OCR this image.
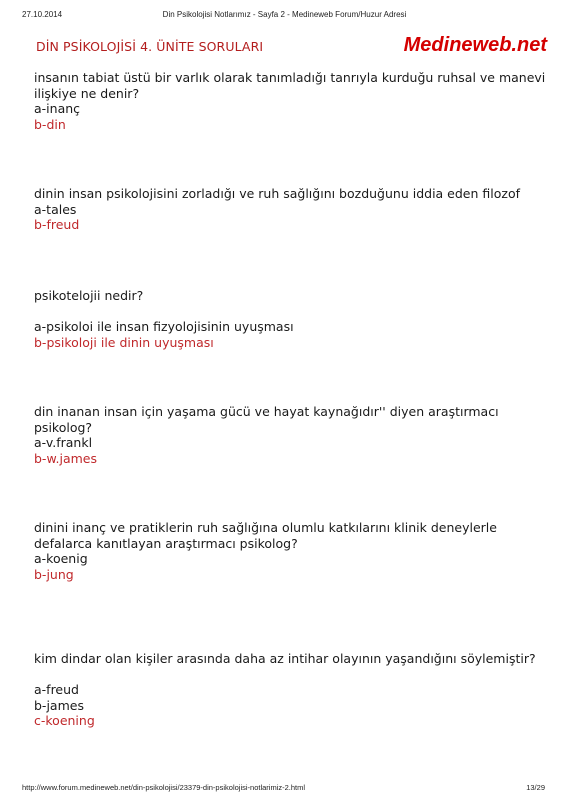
27.10.2014	Din Psikolojisi Notlarımız - Sayfa 2 - Medineweb Forum/Huzur Adresi
DİN PSİKOLOJİSİ 4. ÜNİTE SORULARI	Medineweb.net

insanın tabiat üstü bir varlık olarak tanımladığı tanrıyla kurduğu ruhsal ve manevi ilişkiye ne denir?

a-inanç
b-din

dinin insan psikolojisini zorladığı ve ruh sağlığını bozduğunu iddia eden filozof

a-tales
b-freud

psikotelojii nedir?

a-psikoloi ile insan fizyolojisinin uyuşması
b-psikoloji ile dinin uyuşması

din inanan insan için yaşama gücü ve hayat kaynağıdır'' diyen araştırmacı psikolog?

a-v.frankl
b-w.james

dinini inanç ve pratiklerin ruh sağlığına olumlu katkılarını klinik deneylerle defalarca kanıtlayan araştırmacı psikolog?

a-koenig
b-jung

kim dindar olan kişiler arasında daha az intihar olayının yaşandığını söylemiştir?

a-freud
b-james
c-koening
http://www.forum.medineweb.net/din-psikolojisi/23379-din-psikolojisi-notlarimiz-2.html	13/29
